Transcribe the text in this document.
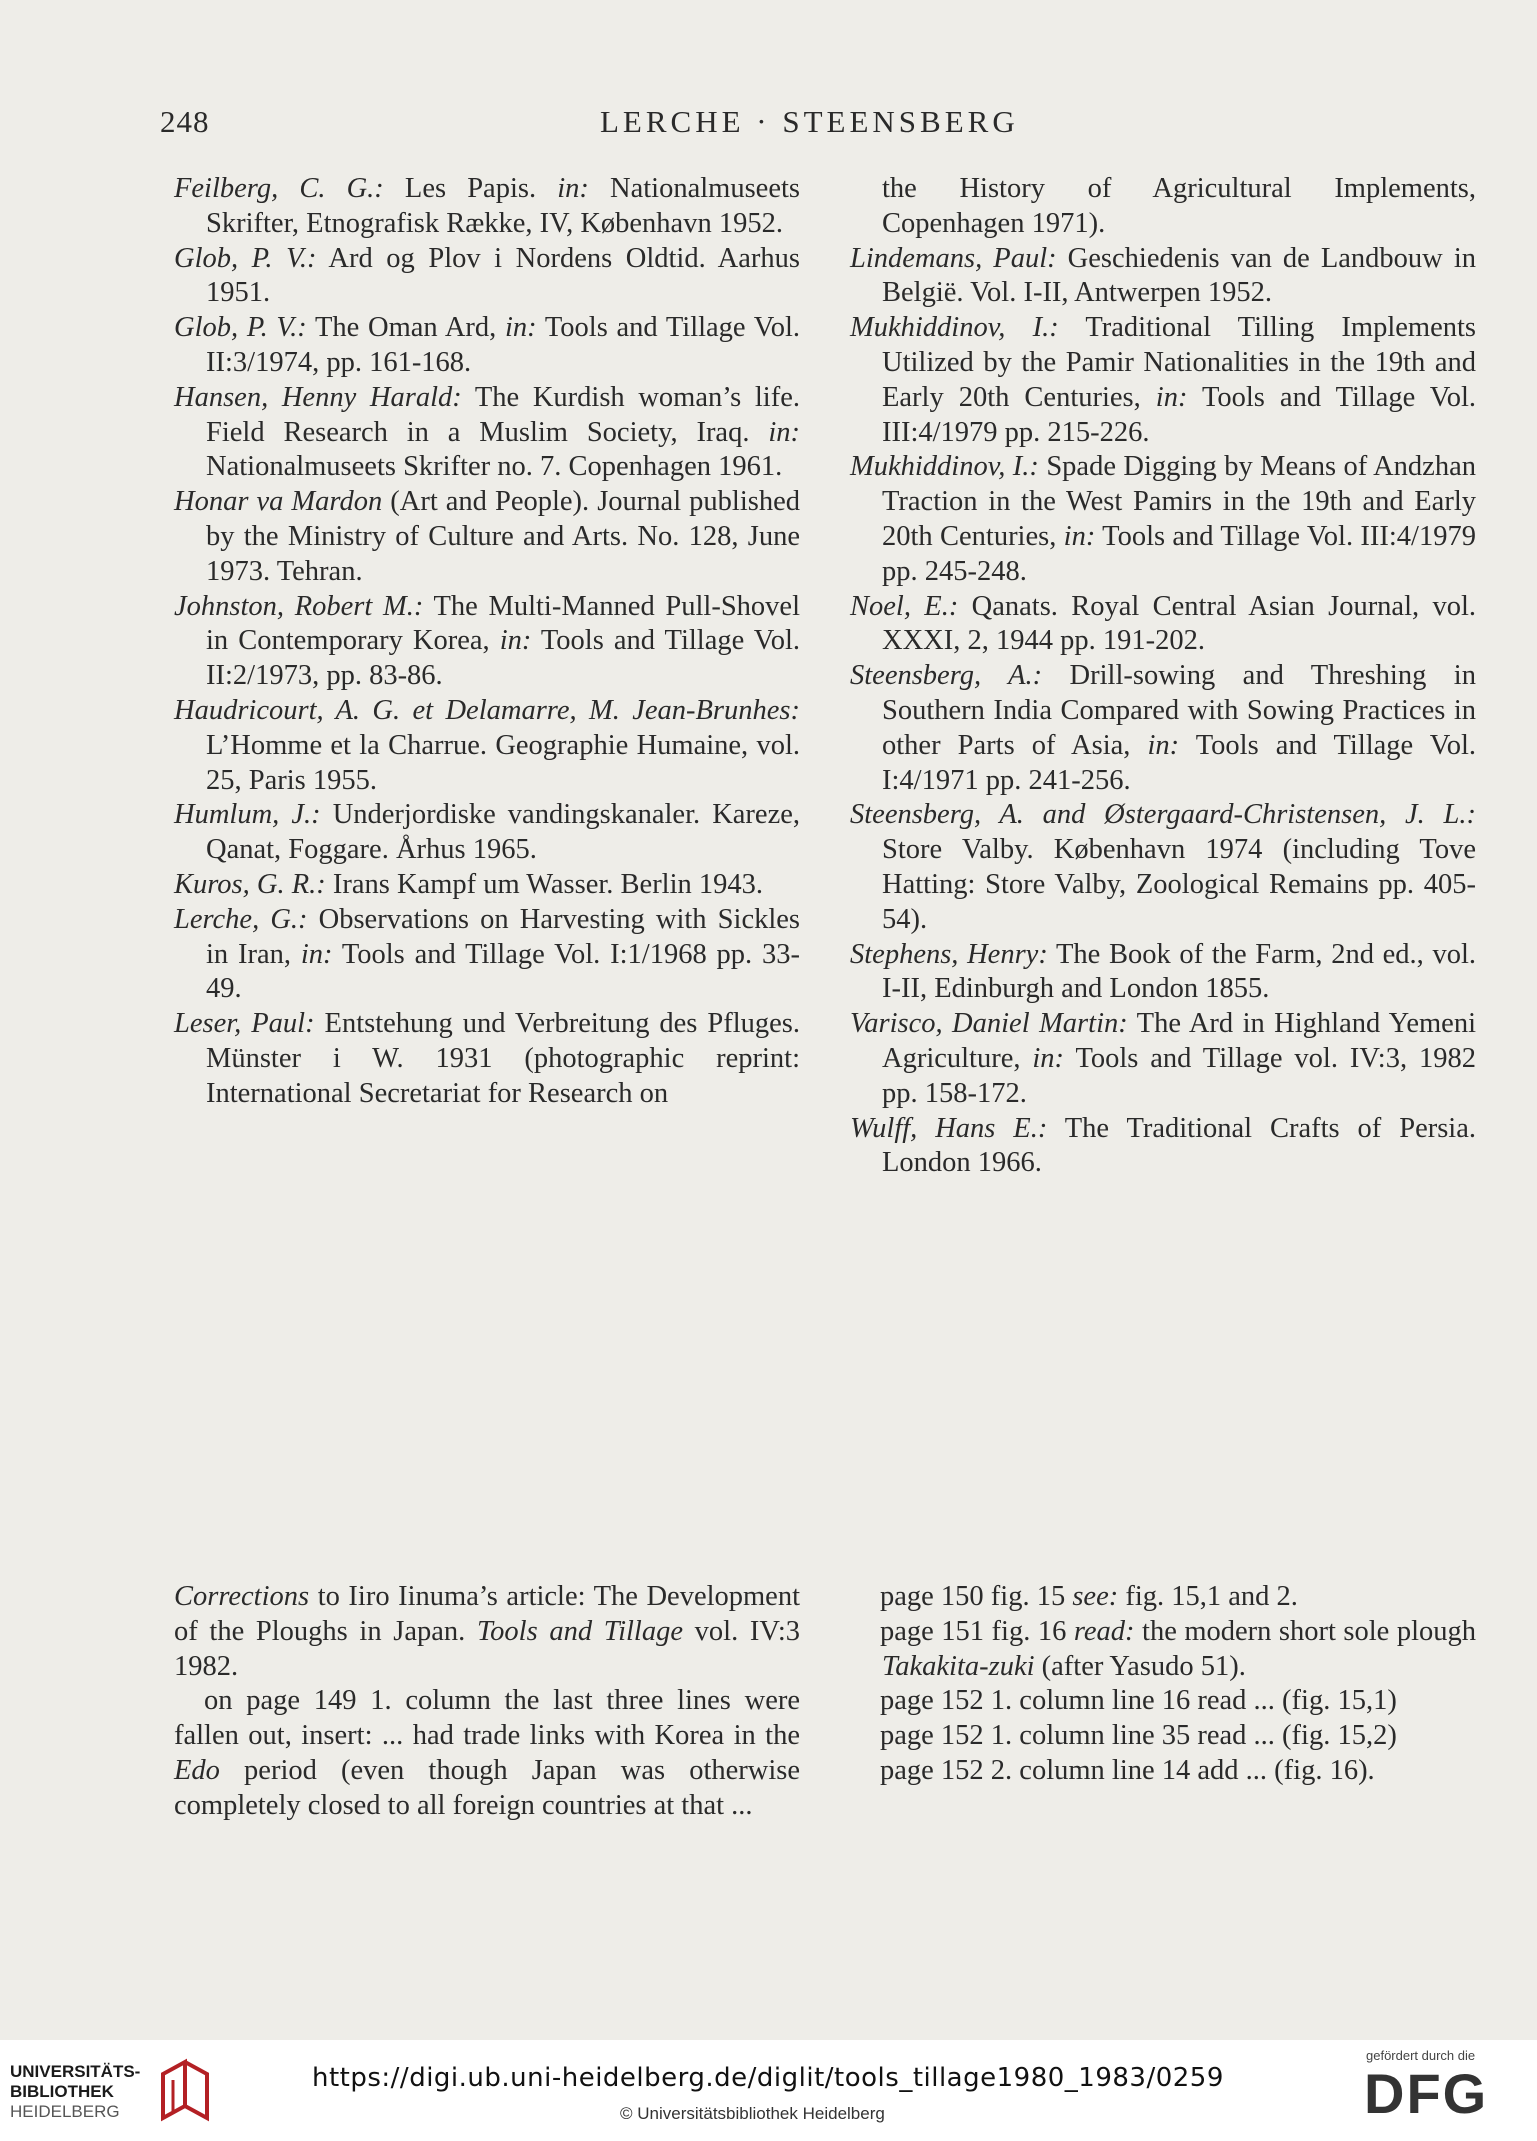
248	LERCHE · STEENSBERG
Feilberg, C. G.: Les Papis. in: Nationalmuseets Skrifter, Etnografisk Række, IV, København 1952.
Glob, P. V.: Ard og Plov i Nordens Oldtid. Aarhus 1951.
Glob, P. V.: The Oman Ard, in: Tools and Tillage Vol. II:3/1974, pp. 161-168.
Hansen, Henny Harald: The Kurdish woman’s life. Field Research in a Muslim Society, Iraq. in: Nationalmuseets Skrifter no. 7. Copenhagen 1961.
Honar va Mardon (Art and People). Journal published by the Ministry of Culture and Arts. No. 128, June 1973. Tehran.
Johnston, Robert M.: The Multi-Manned Pull-Shovel in Contemporary Korea, in: Tools and Tillage Vol. II:2/1973, pp. 83-86.
Haudricourt, A. G. et Delamarre, M. Jean-Brunhes: L’Homme et la Charrue. Geographie Humaine, vol. 25, Paris 1955.
Humlum, J.: Underjordiske vandingskanaler. Kareze, Qanat, Foggare. Århus 1965.
Kuros, G. R.: Irans Kampf um Wasser. Berlin 1943.
Lerche, G.: Observations on Harvesting with Sickles in Iran, in: Tools and Tillage Vol. I:1/1968 pp. 33-49.
Leser, Paul: Entstehung und Verbreitung des Pfluges. Münster i W. 1931 (photographic reprint: International Secretariat for Research on
the History of Agricultural Implements, Copenhagen 1971).
Lindemans, Paul: Geschiedenis van de Landbouw in België. Vol. I-II, Antwerpen 1952.
Mukhiddinov, I.: Traditional Tilling Implements Utilized by the Pamir Nationalities in the 19th and Early 20th Centuries, in: Tools and Tillage Vol. III:4/1979 pp. 215-226.
Mukhiddinov, I.: Spade Digging by Means of Andzhan Traction in the West Pamirs in the 19th and Early 20th Centuries, in: Tools and Tillage Vol. III:4/1979 pp. 245-248.
Noel, E.: Qanats. Royal Central Asian Journal, vol. XXXI, 2, 1944 pp. 191-202.
Steensberg, A.: Drill-sowing and Threshing in Southern India Compared with Sowing Practices in other Parts of Asia, in: Tools and Tillage Vol. I:4/1971 pp. 241-256.
Steensberg, A. and Østergaard-Christensen, J. L.: Store Valby. København 1974 (including Tove Hatting: Store Valby, Zoological Remains pp. 405-54).
Stephens, Henry: The Book of the Farm, 2nd ed., vol. I-II, Edinburgh and London 1855.
Varisco, Daniel Martin: The Ard in Highland Yemeni Agriculture, in: Tools and Tillage vol. IV:3, 1982 pp. 158-172.
Wulff, Hans E.: The Traditional Crafts of Persia. London 1966.
Corrections to Iiro Iinuma’s article: The Development of the Ploughs in Japan. Tools and Tillage vol. IV:3 1982.
on page 149 1. column the last three lines were fallen out, insert: ... had trade links with Korea in the Edo period (even though Japan was otherwise completely closed to all foreign countries at that ...
page 150 fig. 15 see: fig. 15,1 and 2.
page 151 fig. 16 read: the modern short sole plough Takakita-zuki (after Yasudo 51).
page 152 1. column line 16 read ... (fig. 15,1)
page 152 1. column line 35 read ... (fig. 15,2)
page 152 2. column line 14 add ... (fig. 16).
UNIVERSITÄTS-
BIBLIOTHEK
HEIDELBERG
https://digi.ub.uni-heidelberg.de/diglit/tools_tillage1980_1983/0259
© Universitätsbibliothek Heidelberg
gefördert durch die
DFG
